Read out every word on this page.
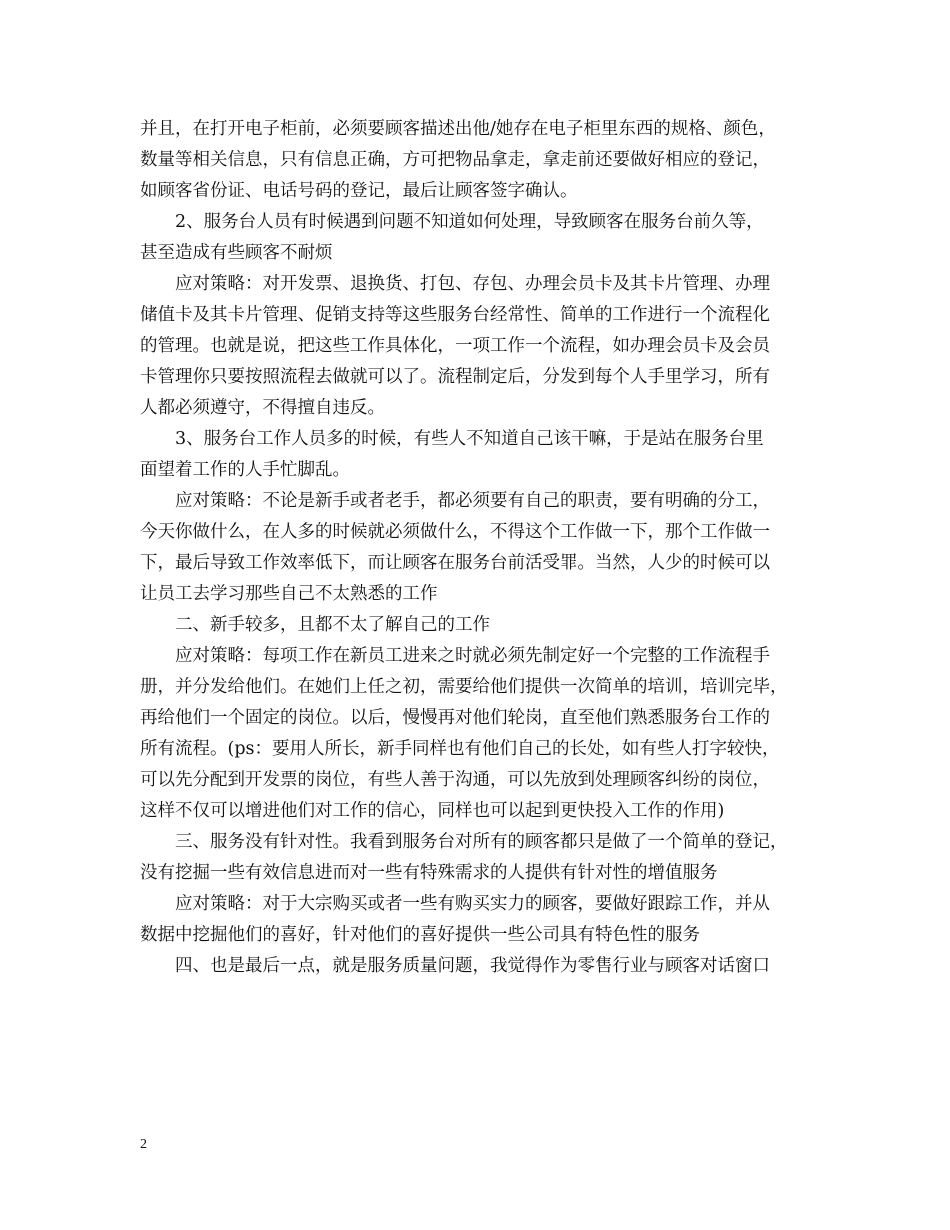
并且，在打开电子柜前，必须要顾客描述出他/她存在电子柜里东西的规格、颜色，
数量等相关信息，只有信息正确，方可把物品拿走，拿走前还要做好相应的登记，
如顾客省份证、电话号码的登记，最后让顾客签字确认。
2、服务台人员有时候遇到问题不知道如何处理，导致顾客在服务台前久等，
甚至造成有些顾客不耐烦
应对策略：对开发票、退换货、打包、存包、办理会员卡及其卡片管理、办理
储值卡及其卡片管理、促销支持等这些服务台经常性、简单的工作进行一个流程化
的管理。也就是说，把这些工作具体化，一项工作一个流程，如办理会员卡及会员
卡管理你只要按照流程去做就可以了。流程制定后，分发到每个人手里学习，所有
人都必须遵守，不得擅自违反。
3、服务台工作人员多的时候，有些人不知道自己该干嘛，于是站在服务台里
面望着工作的人手忙脚乱。
应对策略：不论是新手或者老手，都必须要有自己的职责，要有明确的分工，
今天你做什么，在人多的时候就必须做什么，不得这个工作做一下，那个工作做一
下，最后导致工作效率低下，而让顾客在服务台前活受罪。当然，人少的时候可以
让员工去学习那些自己不太熟悉的工作
二、新手较多，且都不太了解自己的工作
应对策略：每项工作在新员工进来之时就必须先制定好一个完整的工作流程手
册，并分发给他们。在她们上任之初，需要给他们提供一次简单的培训，培训完毕，
再给他们一个固定的岗位。以后，慢慢再对他们轮岗，直至他们熟悉服务台工作的
所有流程。(ps：要用人所长，新手同样也有他们自己的长处，如有些人打字较快，
可以先分配到开发票的岗位，有些人善于沟通，可以先放到处理顾客纠纷的岗位，
这样不仅可以增进他们对工作的信心，同样也可以起到更快投入工作的作用)
三、服务没有针对性。我看到服务台对所有的顾客都只是做了一个简单的登记，
没有挖掘一些有效信息进而对一些有特殊需求的人提供有针对性的增值服务
应对策略：对于大宗购买或者一些有购买实力的顾客，要做好跟踪工作，并从
数据中挖掘他们的喜好，针对他们的喜好提供一些公司具有特色性的服务
四、也是最后一点，就是服务质量问题，我觉得作为零售行业与顾客对话窗口
2
